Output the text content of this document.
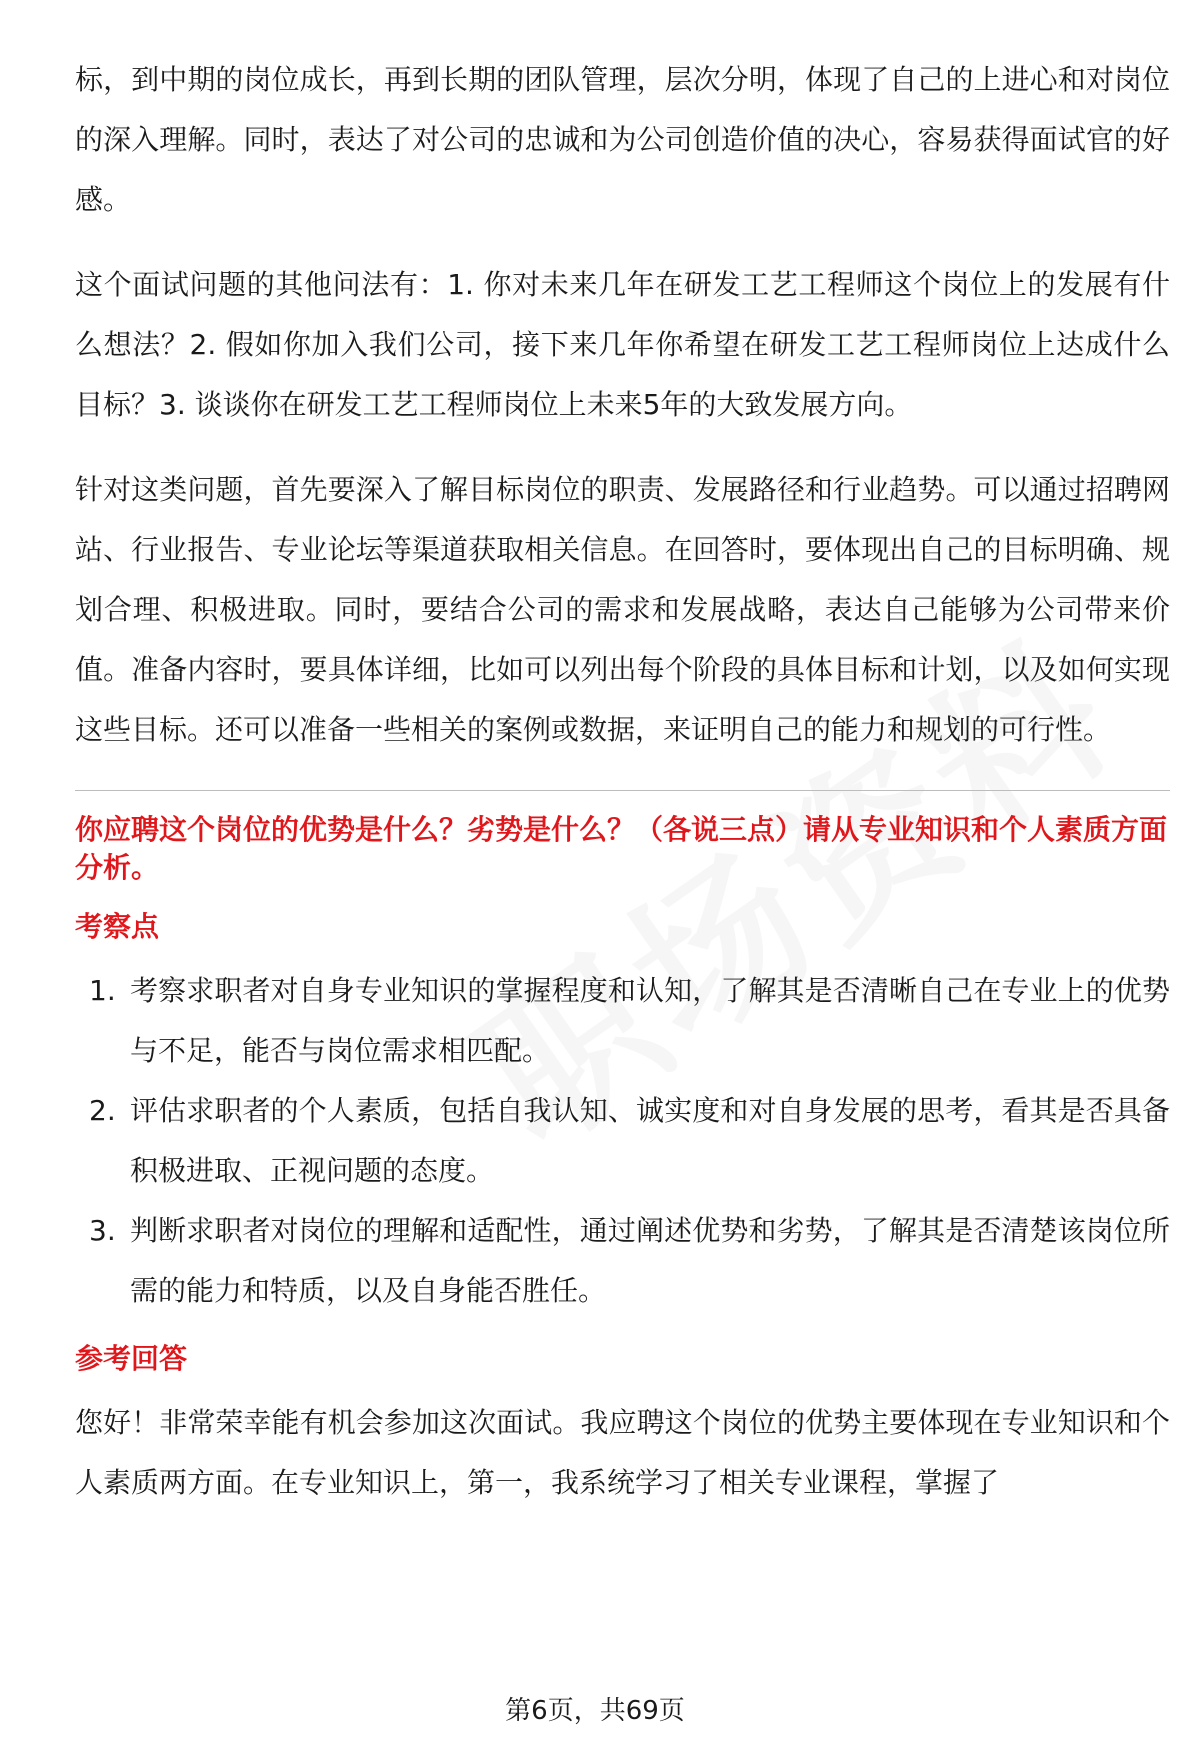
标，到中期的岗位成长，再到长期的团队管理，层次分明，体现了自己的上进心和对岗位的深入理解。同时，表达了对公司的忠诚和为公司创造价值的决心，容易获得面试官的好感。

这个面试问题的其他问法有：1. 你对未来几年在研发工艺工程师这个岗位上的发展有什么想法？2. 假如你加入我们公司，接下来几年你希望在研发工艺工程师岗位上达成什么目标？3. 谈谈你在研发工艺工程师岗位上未来5年的大致发展方向。

针对这类问题，首先要深入了解目标岗位的职责、发展路径和行业趋势。可以通过招聘网站、行业报告、专业论坛等渠道获取相关信息。在回答时，要体现出自己的目标明确、规划合理、积极进取。同时，要结合公司的需求和发展战略，表达自己能够为公司带来价值。准备内容时，要具体详细，比如可以列出每个阶段的具体目标和计划，以及如何实现这些目标。还可以准备一些相关的案例或数据，来证明自己的能力和规划的可行性。

你应聘这个岗位的优势是什么？劣势是什么？（各说三点）请从专业知识和个人素质方面分析。
考察点
1. 考察求职者对自身专业知识的掌握程度和认知，了解其是否清晰自己在专业上的优势与不足，能否与岗位需求相匹配。
2. 评估求职者的个人素质，包括自我认知、诚实度和对自身发展的思考，看其是否具备积极进取、正视问题的态度。
3. 判断求职者对岗位的理解和适配性，通过阐述优势和劣势，了解其是否清楚该岗位所需的能力和特质，以及自身能否胜任。
参考回答

您好！非常荣幸能有机会参加这次面试。我应聘这个岗位的优势主要体现在专业知识和个人素质两方面。在专业知识上，第一，我系统学习了相关专业课程，掌握了

第6页，共69页
